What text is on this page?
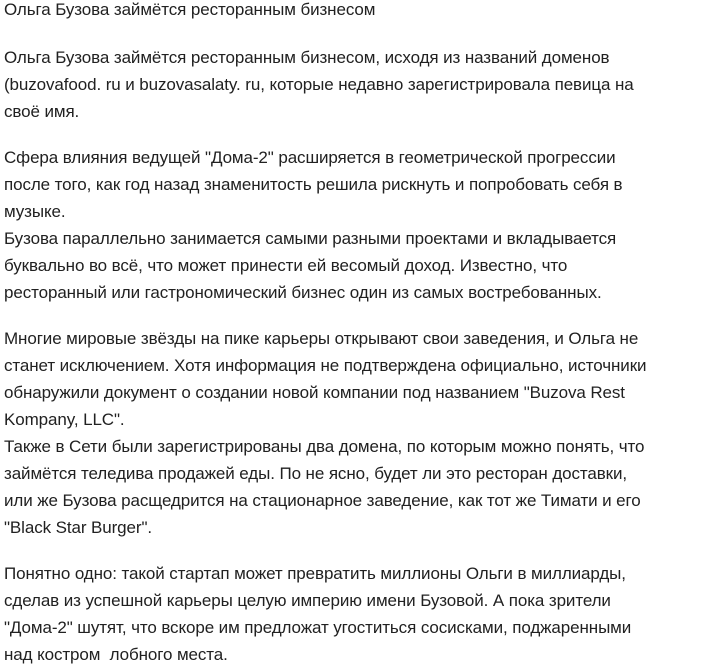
Ольга Бузова займётся ресторанным бизнесом
Ольга Бузова займётся ресторанным бизнесом, исходя из названий доменов
(buzovafood. ru и buzovasalaty. ru, которые недавно зарегистрировала певица на
своё имя.
Сфера влияния ведущей "Дома-2" расширяется в геометрической прогрессии
после того, как год назад знаменитость решила рискнуть и попробовать себя в
музыке.
Бузова параллельно занимается самыми разными проектами и вкладывается
буквально во всё, что может принести ей весомый доход. Известно, что
ресторанный или гастрономический бизнес один из самых востребованных.
Многие мировые звёзды на пике карьеры открывают свои заведения, и Ольга не
станет исключением. Хотя информация не подтверждена официально, источники
обнаружили документ о создании новой компании под названием "Buzova Rest
Kompany, LLC".
Также в Сети были зарегистрированы два домена, по которым можно понять, что
займётся теледива продажей еды. По не ясно, будет ли это ресторан доставки,
или же Бузова расщедрится на стационарное заведение, как тот же Тимати и его
"Black Star Burger".
Понятно одно: такой стартап может превратить миллионы Ольги в миллиарды,
сделав из успешной карьеры целую империю имени Бузовой. А пока зрители
"Дома-2" шутят, что вскоре им предложат угоститься сосисками, поджаренными
над костром  лобного места.
